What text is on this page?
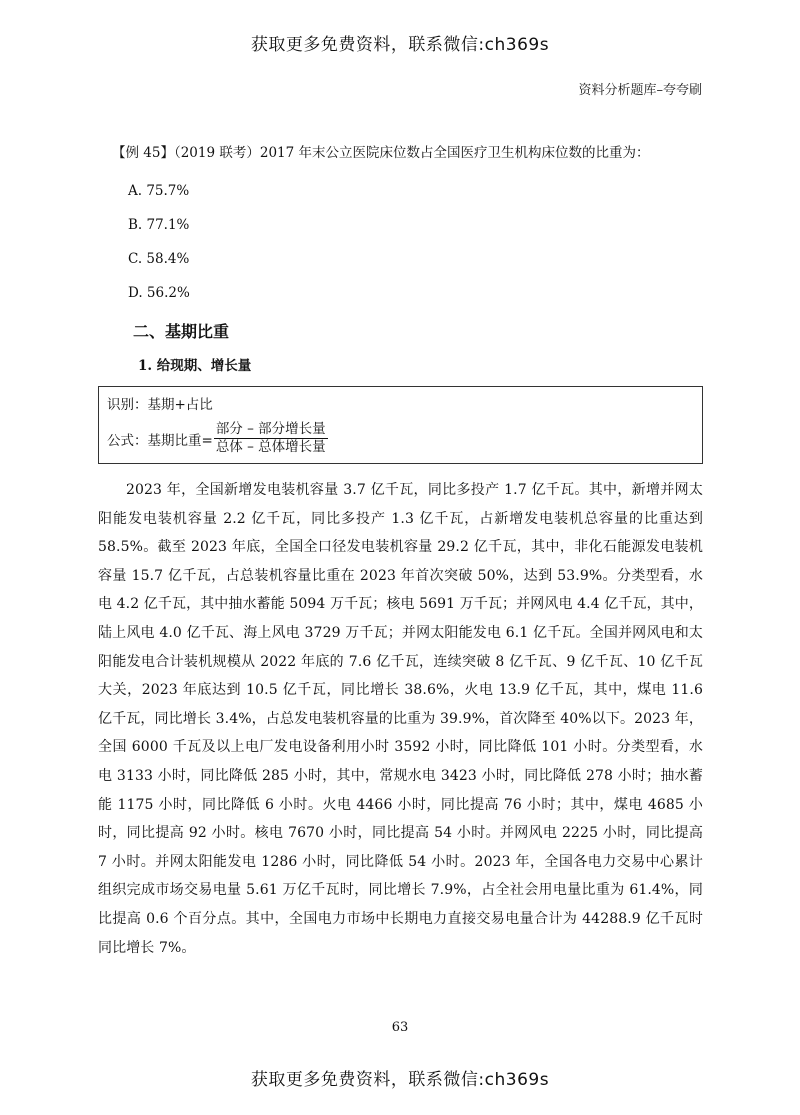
获取更多免费资料，联系微信:ch369s
资料分析题库–夸夸刷
【例 45】（2019 联考）2017 年末公立医院床位数占全国医疗卫生机构床位数的比重为：
A. 75.7%
B. 77.1%
C. 58.4%
D. 56.2%
二、基期比重
1. 给现期、增长量
识别：基期+占比
公式：基期比重= $\frac{\text{部分 – 部分增长量}}{\text{总体 – 总体增长量}}$
2023 年，全国新增发电装机容量 3.7 亿千瓦，同比多投产 1.7 亿千瓦。其中，新增并网太阳能发电装机容量 2.2 亿千瓦，同比多投产 1.3 亿千瓦，占新增发电装机总容量的比重达到 58.5%。截至 2023 年底，全国全口径发电装机容量 29.2 亿千瓦，其中，非化石能源发电装机容量 15.7 亿千瓦，占总装机容量比重在 2023 年首次突破 50%，达到 53.9%。分类型看，水电 4.2 亿千瓦，其中抽水蓄能 5094 万千瓦；核电 5691 万千瓦；并网风电 4.4 亿千瓦，其中，陆上风电 4.0 亿千瓦、海上风电 3729 万千瓦；并网太阳能发电 6.1 亿千瓦。全国并网风电和太阳能发电合计装机规模从 2022 年底的 7.6 亿千瓦，连续突破 8 亿千瓦、9 亿千瓦、10 亿千瓦大关，2023 年底达到 10.5 亿千瓦，同比增长 38.6%，火电 13.9 亿千瓦，其中，煤电 11.6 亿千瓦，同比增长 3.4%，占总发电装机容量的比重为 39.9%，首次降至 40%以下。2023 年，全国 6000 千瓦及以上电厂发电设备利用小时 3592 小时，同比降低 101 小时。分类型看，水电 3133 小时，同比降低 285 小时，其中，常规水电 3423 小时，同比降低 278 小时；抽水蓄能 1175 小时，同比降低 6 小时。火电 4466 小时，同比提高 76 小时；其中，煤电 4685 小时，同比提高 92 小时。核电 7670 小时，同比提高 54 小时。并网风电 2225 小时，同比提高 7 小时。并网太阳能发电 1286 小时，同比降低 54 小时。2023 年，全国各电力交易中心累计组织完成市场交易电量 5.61 万亿千瓦时，同比增长 7.9%，占全社会用电量比重为 61.4%，同比提高 0.6 个百分点。其中，全国电力市场中长期电力直接交易电量合计为 44288.9 亿千瓦时同比增长 7%。
63
获取更多免费资料，联系微信:ch369s
